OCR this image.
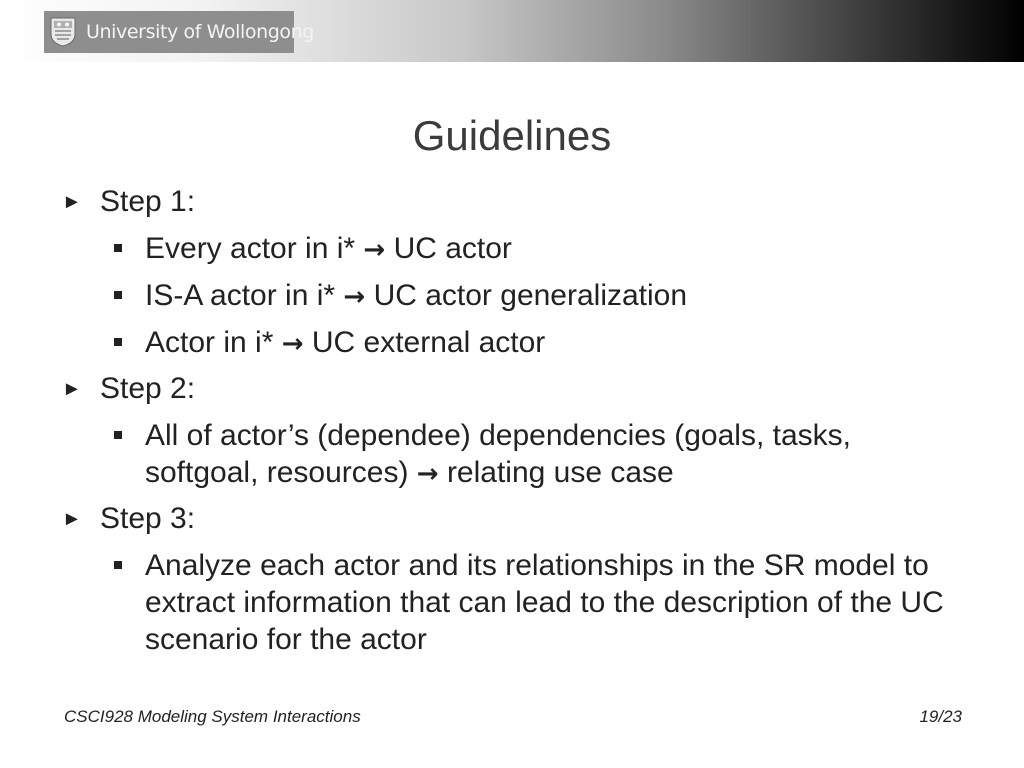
University of Wollongong
Guidelines
► Step 1:
Every actor in i* → UC actor
IS-A actor in i* → UC actor generalization
Actor in i* → UC external actor
► Step 2:
All of actor’s (dependee) dependencies (goals, tasks, softgoal, resources) → relating use case
► Step 3:
Analyze each actor and its relationships in the SR model to extract information that can lead to the description of the UC scenario for the actor
CSCI928 Modeling System Interactions	19/23
